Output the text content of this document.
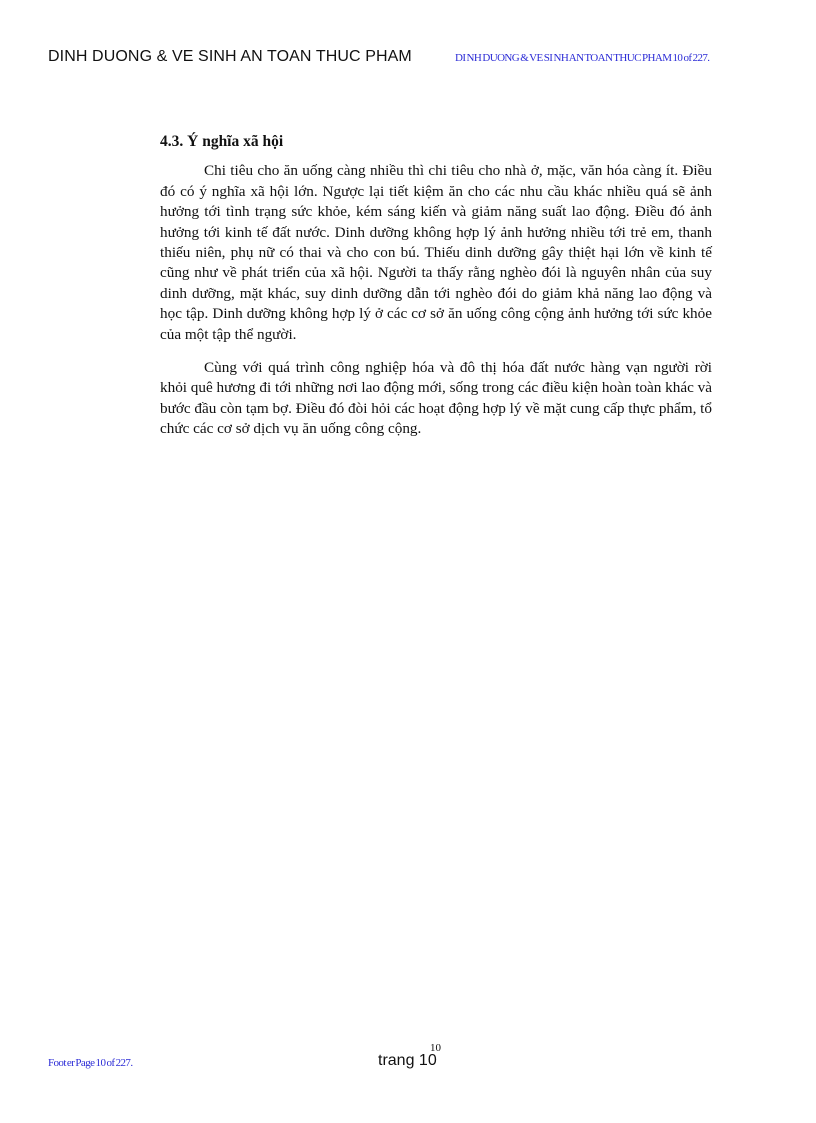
DINH DUONG & VE SINH AN TOAN THUC PHAM	DI NH DUONG & VE SI NH AN TOAN THUC PHAM 10 of 227.
4.3. Ý nghĩa xã hội

Chi tiêu cho ăn uống càng nhiều thì chi tiêu cho nhà ở, mặc, văn hóa càng ít. Điều đó có ý nghĩa xã hội lớn. Ngược lại tiết kiệm ăn cho các nhu cầu khác nhiều quá sẽ ảnh hưởng tới tình trạng sức khỏe, kém sáng kiến và giảm năng suất lao động. Điều đó ảnh hưởng tới kinh tế đất nước. Dinh dưỡng không hợp lý ảnh hưởng nhiều tới trẻ em, thanh thiếu niên, phụ nữ có thai và cho con bú. Thiếu dinh dưỡng gây thiệt hại lớn về kinh tế cũng như về phát triển của xã hội. Người ta thấy rằng nghèo đói là nguyên nhân của suy dinh dưỡng, mặt khác, suy dinh dưỡng dẫn tới nghèo đói do giảm khả năng lao động và học tập. Dinh dưỡng không hợp lý ở các cơ sở ăn uống công cộng ảnh hưởng tới sức khỏe của một tập thể người.

Cùng với quá trình công nghiệp hóa và đô thị hóa đất nước hàng vạn người rời khỏi quê hương đi tới những nơi lao động mới, sống trong các điều kiện hoàn toàn khác và bước đầu còn tạm bợ. Điều đó đòi hỏi các hoạt động hợp lý về mặt cung cấp thực phẩm, tổ chức các cơ sở dịch vụ ăn uống công cộng.

Foot er Page 10 of 227.	trang 10
10
